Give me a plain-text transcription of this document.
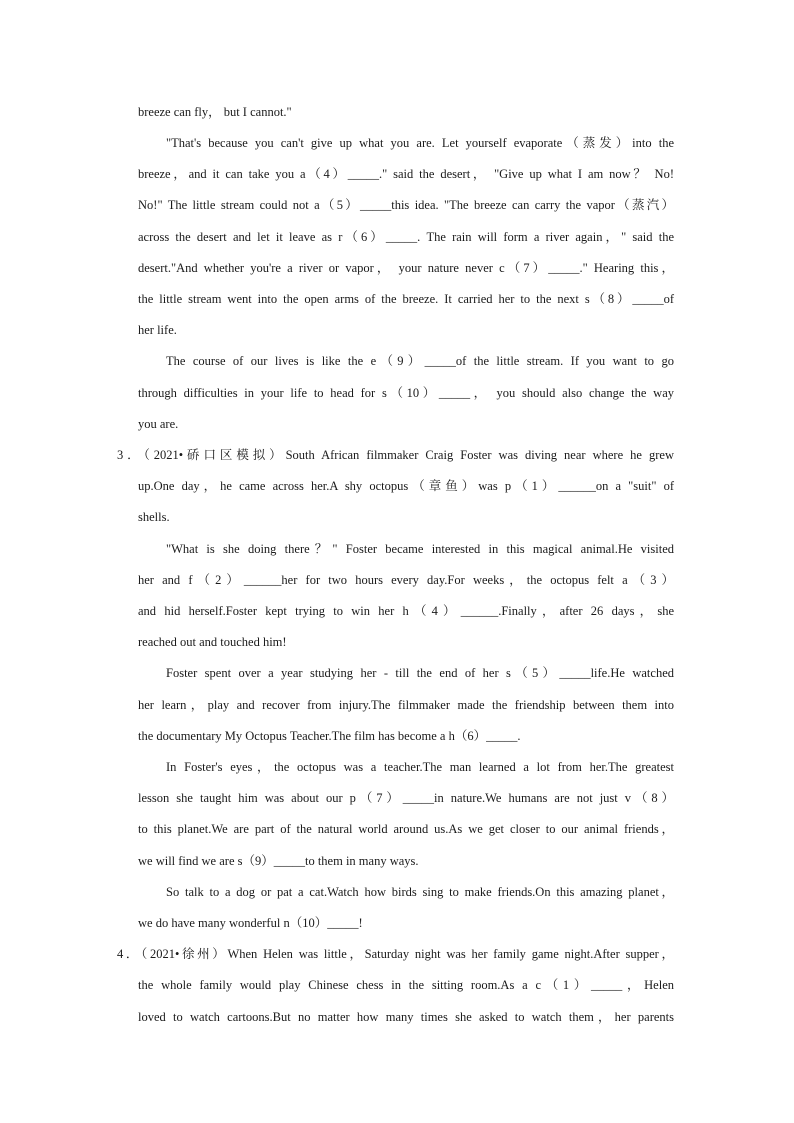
breeze can fly， but I cannot."
"That's because you can't give up what you are. Let yourself evaporate（蒸发）into the
breeze，and it can take you a（4）_____." said the desert， "Give up what I am now？ No!
No!" The little stream could not a（5）_____this idea. "The breeze can carry the vapor（蒸汽）
across the desert and let it leave as r（6）_____. The rain will form a river again，" said the
desert."And whether you're a river or vapor， your nature never c（7）_____." Hearing this，
the little stream went into the open arms of the breeze. It carried her to the next s（8）_____of
her life.
The course of our lives is like the e（9）_____of the little stream. If you want to go
through difficulties in your life to head for s（10）_____， you should also change the way
you are.
3．（2021•硚口区模拟）South African filmmaker Craig Foster was diving near where he grew
up.One day，he came across her.A shy octopus（章鱼）was p（1）______on a "suit" of
shells.
"What is she doing there？" Foster became interested in this magical animal.He visited
her and f（2）______her for two hours every day.For weeks，the octopus felt a（3）
and hid herself.Foster kept trying to win her h（4）______.Finally，after 26 days，she
reached out and touched him!
Foster spent over a year studying her - till the end of her s（5）_____life.He watched
her learn，play and recover from injury.The filmmaker made the friendship between them into
the documentary My Octopus Teacher.The film has become a h（6）_____.
In Foster's eyes，the octopus was a teacher.The man learned a lot from her.The greatest
lesson she taught him was about our p（7）_____in nature.We humans are not just v（8）
to this planet.We are part of the natural world around us.As we get closer to our animal friends，
we will find we are s（9）_____to them in many ways.
So talk to a dog or pat a cat.Watch how birds sing to make friends.On this amazing planet，
we do have many wonderful n（10）_____!
4．（2021•徐州）When Helen was little，Saturday night was her family game night.After supper，
the whole family would play Chinese chess in the sitting room.As a c（1）_____，Helen
loved to watch cartoons.But no matter how many times she asked to watch them，her parents
